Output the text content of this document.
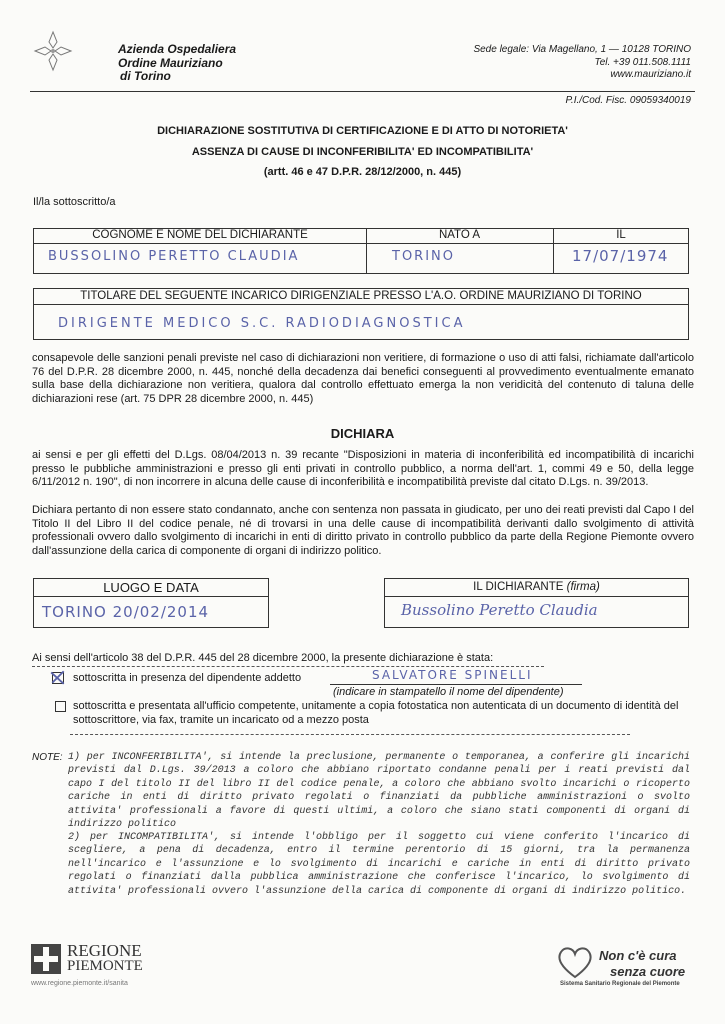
Azienda Ospedaliera
Ordine Mauriziano
di Torino
Sede legale: Via Magellano, 1 — 10128 TORINO
Tel. +39 011.508.1111
www.mauriziano.it
P.I./Cod. Fisc. 09059340019
DICHIARAZIONE SOSTITUTIVA DI CERTIFICAZIONE E DI ATTO DI NOTORIETA'
ASSENZA DI CAUSE DI INCONFERIBILITA' ED INCOMPATIBILITA'
(artt. 46 e 47 D.P.R. 28/12/2000, n. 445)
Il/la sottoscritto/a
COGNOME E NOME DEL DICHIARANTE	NATO A	IL
BUSSOLINO PERETTO CLAUDIA	TORINO	17/07/1974
TITOLARE DEL SEGUENTE INCARICO DIRIGENZIALE PRESSO L'A.O. ORDINE MAURIZIANO DI TORINO
DIRIGENTE MEDICO S.C. RADIODIAGNOSTICA
consapevole delle sanzioni penali previste nel caso di dichiarazioni non veritiere, di formazione o uso di atti falsi, richiamate dall'articolo 76 del D.P.R. 28 dicembre 2000, n. 445, nonché della decadenza dai benefici conseguenti al provvedimento eventualmente emanato sulla base della dichiarazione non veritiera, qualora dal controllo effettuato emerga la non veridicità del contenuto di taluna delle dichiarazioni rese (art. 75 DPR 28 dicembre 2000, n. 445)
DICHIARA
ai sensi e per gli effetti del D.Lgs. 08/04/2013 n. 39 recante "Disposizioni in materia di inconferibilità ed incompatibilità di incarichi presso le pubbliche amministrazioni e presso gli enti privati in controllo pubblico, a norma dell'art. 1, commi 49 e 50, della legge 6/11/2012 n. 190", di non incorrere in alcuna delle cause di inconferibilità e incompatibilità previste dal citato D.Lgs. n. 39/2013.
Dichiara pertanto di non essere stato condannato, anche con sentenza non passata in giudicato, per uno dei reati previsti dal Capo I del Titolo II del Libro II del codice penale, né di trovarsi in una delle cause di incompatibilità derivanti dallo svolgimento di attività professionali ovvero dallo svolgimento di incarichi in enti di diritto privato in controllo pubblico da parte della Regione Piemonte ovvero dall'assunzione della carica di componente di organi di indirizzo politico.
LUOGO E DATA
TORINO 20/02/2014
IL DICHIARANTE (firma)
Bussolino Peretto Claudia
Ai sensi dell'articolo 38 del D.P.R. 445 del 28 dicembre 2000, la presente dichiarazione è stata:
sottoscritta in presenza del dipendente addetto	SALVATORE SPINELLI
(indicare in stampatello il nome del dipendente)
sottoscritta e presentata all'ufficio competente, unitamente a copia fotostatica non autenticata di un documento di identità del sottoscrittore, via fax, tramite un incaricato od a mezzo posta
NOTE: 1) per INCONFERIBILITA', si intende la preclusione, permanente o temporanea, a conferire gli incarichi previsti dal D.Lgs. 39/2013 a coloro che abbiano riportato condanne penali per i reati previsti dal capo I del titolo II del libro II del codice penale, a coloro che abbiano svolto incarichi o ricoperto cariche in enti di diritto privato regolati o finanziati da pubbliche amministrazioni o svolto attivita' professionali a favore di questi ultimi, a coloro che siano stati componenti di organi di indirizzo politico
2) per INCOMPATIBILITA', si intende l'obbligo per il soggetto cui viene conferito l'incarico di scegliere, a pena di decadenza, entro il termine perentorio di 15 giorni, tra la permanenza nell'incarico e l'assunzione e lo svolgimento di incarichi e cariche in enti di diritto privato regolati o finanziati dalla pubblica amministrazione che conferisce l'incarico, lo svolgimento di attivita' professionali ovvero l'assunzione della carica di componente di organi di indirizzo politico.
REGIONE
PIEMONTE
www.regione.piemonte.it/sanita
Non c'è cura
senza cuore
Sistema Sanitario Regionale del Piemonte
